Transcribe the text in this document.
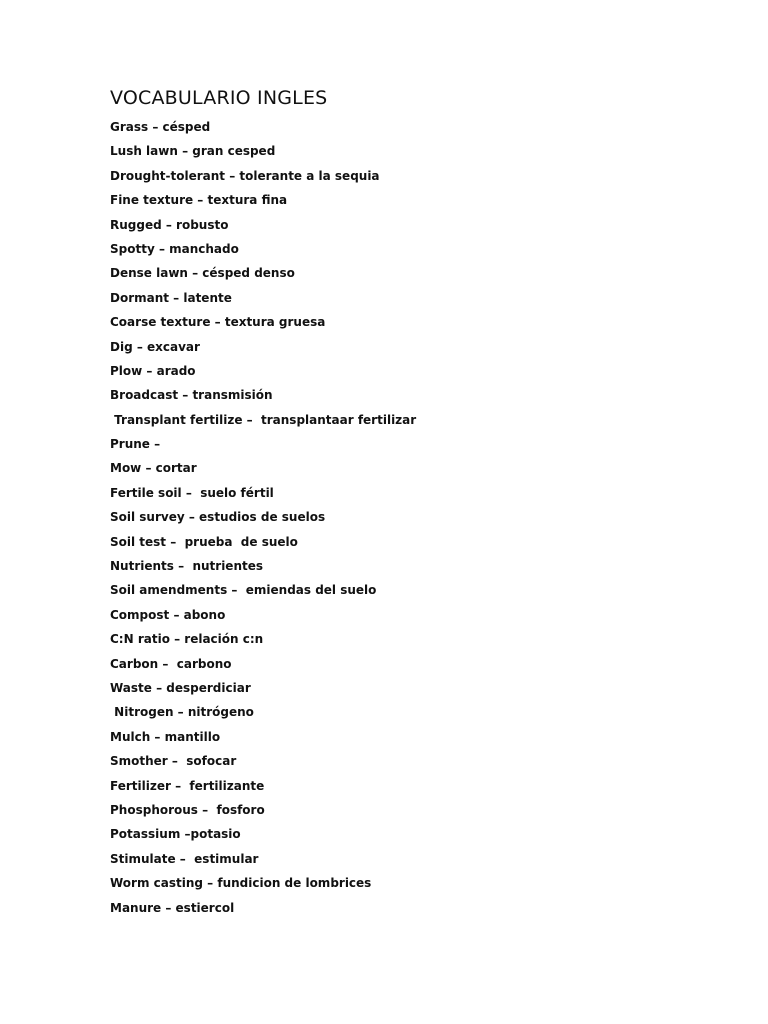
VOCABULARIO INGLES
Grass – césped
Lush lawn – gran cesped
Drought-tolerant – tolerante a la sequia
Fine texture – textura fina
Rugged – robusto
Spotty – manchado
Dense lawn – césped denso
Dormant – latente
Coarse texture – textura gruesa
Dig – excavar
Plow – arado
Broadcast – transmisión
Transplant fertilize –  transplantaar fertilizar
Prune –
Mow – cortar
Fertile soil –  suelo fértil
Soil survey – estudios de suelos
Soil test –  prueba  de suelo
Nutrients –  nutrientes
Soil amendments –  emiendas del suelo
Compost – abono
C:N ratio – relación c:n
Carbon –  carbono
Waste – desperdiciar
Nitrogen – nitrógeno
Mulch – mantillo
Smother –  sofocar
Fertilizer –  fertilizante
Phosphorous –  fosforo
Potassium –potasio
Stimulate –  estimular
Worm casting – fundicion de lombrices
Manure – estiercol
